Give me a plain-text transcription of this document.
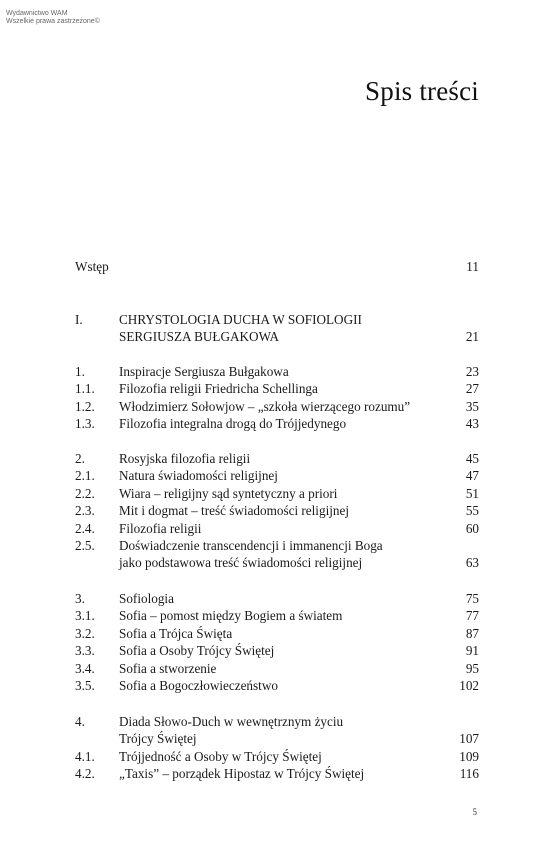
Wydawnictwo WAM
Wszelkie prawa zastrzeżone©
Spis treści
Wstęp	11
I.	CHRYSTOLOGIA DUCHA W SOFIOLOGII
SERGIUSZA BUŁGAKOWA	21
1.	Inspiracje Sergiusza Bułgakowa	23
1.1. Filozofia religii Friedricha Schellinga	27
1.2. Włodzimierz Sołowjow – „szkoła wierzącego rozumu”	35
1.3. Filozofia integralna drogą do Trójjedynego	43
2.	Rosyjska filozofia religii	45
2.1. Natura świadomości religijnej	47
2.2. Wiara – religijny sąd syntetyczny a priori	51
2.3. Mit i dogmat – treść świadomości religijnej	55
2.4. Filozofia religii	60
2.5. Doświadczenie transcendencji i immanencji Boga
jako podstawowa treść świadomości religijnej	63
3.	Sofiologia	75
3.1. Sofia – pomost między Bogiem a światem	77
3.2. Sofia a Trójca Święta	87
3.3. Sofia a Osoby Trójcy Świętej	91
3.4. Sofia a stworzenie	95
3.5. Sofia a Bogoczłowieczeństwo	102
4.	Diada Słowo-Duch w wewnętrznym życiu
Trójcy Świętej	107
4.1. Trójjedność a Osoby w Trójcy Świętej	109
4.2. „Taxis” – porządek Hipostaz w Trójcy Świętej	116
5
